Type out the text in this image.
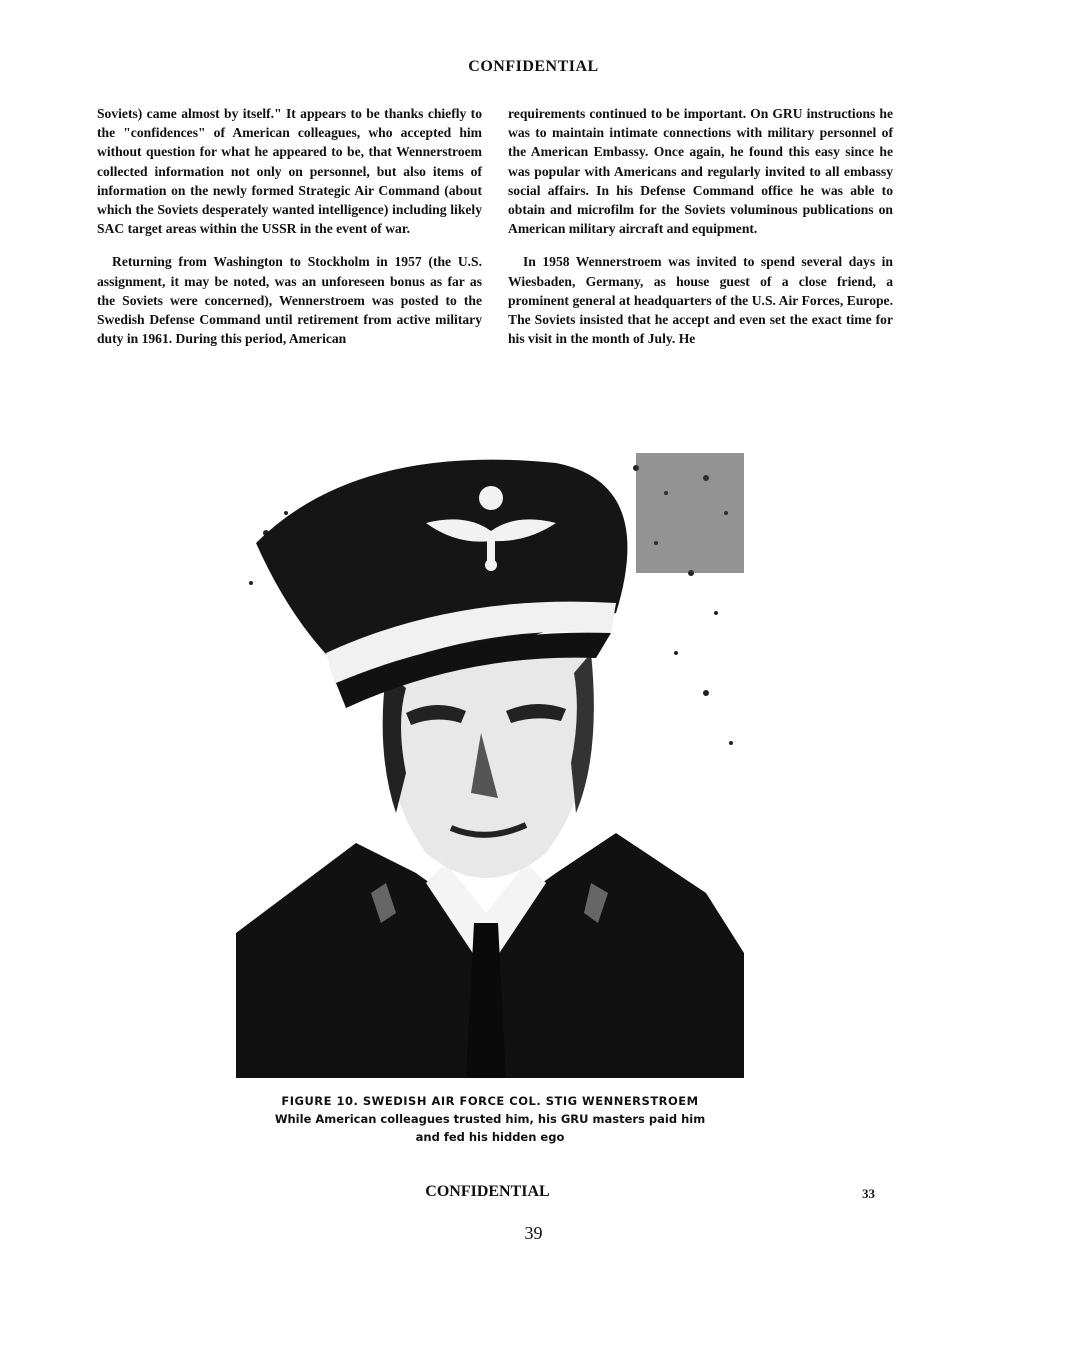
CONFIDENTIAL

Soviets) came almost by itself." It appears to be thanks chiefly to the "confidences" of American colleagues, who accepted him without question for what he appeared to be, that Wennerstroem collected information not only on personnel, but also items of information on the newly formed Strategic Air Command (about which the Soviets desperately wanted intelligence) including likely SAC target areas within the USSR in the event of war.

Returning from Washington to Stockholm in 1957 (the U.S. assignment, it may be noted, was an unforeseen bonus as far as the Soviets were concerned), Wennerstroem was posted to the Swedish Defense Command until retirement from active military duty in 1961. During this period, American

requirements continued to be important. On GRU instructions he was to maintain intimate connections with military personnel of the American Embassy. Once again, he found this easy since he was popular with Americans and regularly invited to all embassy social affairs. In his Defense Command office he was able to obtain and microfilm for the Soviets voluminous publications on American military aircraft and equipment.

In 1958 Wennerstroem was invited to spend several days in Wiesbaden, Germany, as house guest of a close friend, a prominent general at headquarters of the U.S. Air Forces, Europe. The Soviets insisted that he accept and even set the exact time for his visit in the month of July. He

FIGURE 10. SWEDISH AIR FORCE COL. STIG WENNERSTROEM
While American colleagues trusted him, his GRU masters paid him
and fed his hidden ego
CONFIDENTIAL	33
39
